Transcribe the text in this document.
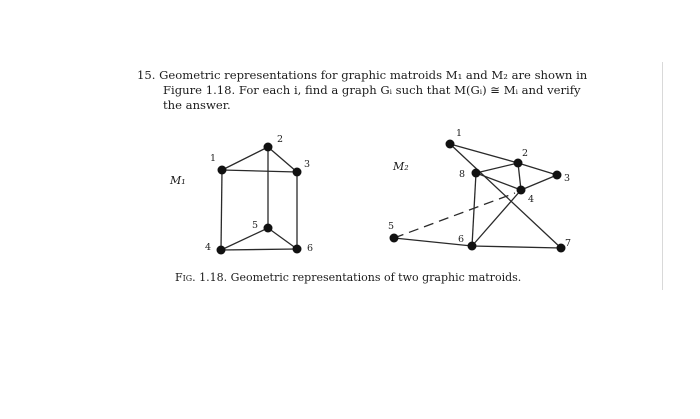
15. Geometric representations for graphic matroids M₁ and M₂ are shown in
Figure 1.18. For each i, find a graph Gᵢ such that M(Gᵢ) ≅ Mᵢ and verify
the answer.
1
2
3
4
5
6
M₁
1
2
3
4
5
6	7
8
M₂
Fig. 1.18. Geometric representations of two graphic matroids.
